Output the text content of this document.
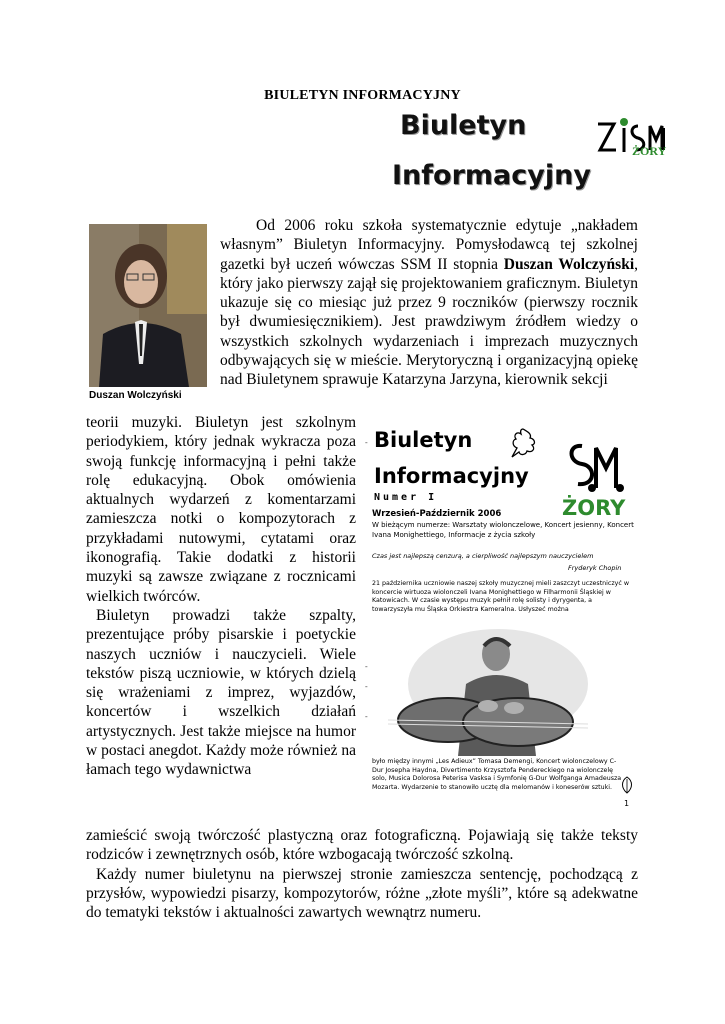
BIULETYN INFORMACYJNY
Biuletyn
Informacyjny
ŻORY
Duszan Wolczyński
Od 2006 roku szkoła systematycznie edytuje „nakładem własnym” Biuletyn Informacyjny. Pomysłodawcą tej szkolnej gazetki był uczeń wówczas SSM II stopnia Duszan Wolczyński, który jako pierwszy zajął się projektowaniem graficznym. Biuletyn ukazuje się co miesiąc już przez 9 roczników (pierwszy rocznik był dwumiesięcznikiem). Jest prawdziwym źródłem wiedzy o wszystkich szkolnych wydarzeniach i imprezach muzycznych odbywających się w mieście. Merytoryczną i organizacyjną opiekę nad Biuletynem sprawuje Katarzyna Jarzyna, kierownik sekcji

teorii muzyki. Biuletyn jest szkolnym periodykiem, który jednak wykracza poza swoją funkcję informacyjną i pełni także rolę edukacyjną. Obok omówienia aktualnych wydarzeń z komentarzami zamieszcza notki o kompozytorach z przykładami nutowymi, cytatami oraz ikonografią. Takie dodatki z historii muzyki są zawsze związane z rocznicami wielkich twórców.

Biuletyn prowadzi także szpalty, prezentujące próby pisarskie i poetyckie naszych uczniów i nauczycieli. Wiele tekstów piszą uczniowie, w których dzielą się wrażeniami z imprez, wyjazdów, koncertów i wszelkich działań artystycznych. Jest także miejsce na humor w postaci anegdot. Każdy może również na łamach tego wydawnictwa

-
-
-
-
Biuletyn
Informacyjny
ŻORY
Numer I
Wrzesień-Październik 2006
W bieżącym numerze: Warsztaty wiolonczelowe, Koncert jesienny, Koncert Ivana Monighettiego, Informacje z życia szkoły
Czas jest najlepszą cenzurą, a cierpliwość najlepszym nauczycielem
Fryderyk Chopin
21 października uczniowie naszej szkoły muzycznej mieli zaszczyt uczestniczyć w koncercie wirtuoza wiolonczeli Ivana Monighettiego w Filharmonii Śląskiej w Katowicach. W czasie występu muzyk pełnił rolę solisty i dyrygenta, a towarzyszyła mu Śląska Orkiestra Kameralna. Usłyszeć można
było między innymi „Les Adieux” Tomasa Demengi, Koncert wiolonczelowy C-Dur Josepha Haydna, Divertimento Krzysztofa Pendereckiego na wiolonczelę solo, Musica Dolorosa Peterisa Vasksa i Symfonię G-Dur Wolfganga Amadeusza Mozarta. Wydarzenie to stanowiło ucztę dla melomanów i koneserów sztuki.
1

zamieścić swoją twórczość plastyczną oraz fotograficzną. Pojawiają się także teksty rodziców i zewnętrznych osób, które wzbogacają twórczość szkolną.

Każdy numer biuletynu na pierwszej stronie zamieszcza sentencję, pochodzącą z przysłów, wypowiedzi pisarzy, kompozytorów, różne „złote myśli”, które są adekwatne do tematyki tekstów i aktualności zawartych wewnątrz numeru.
